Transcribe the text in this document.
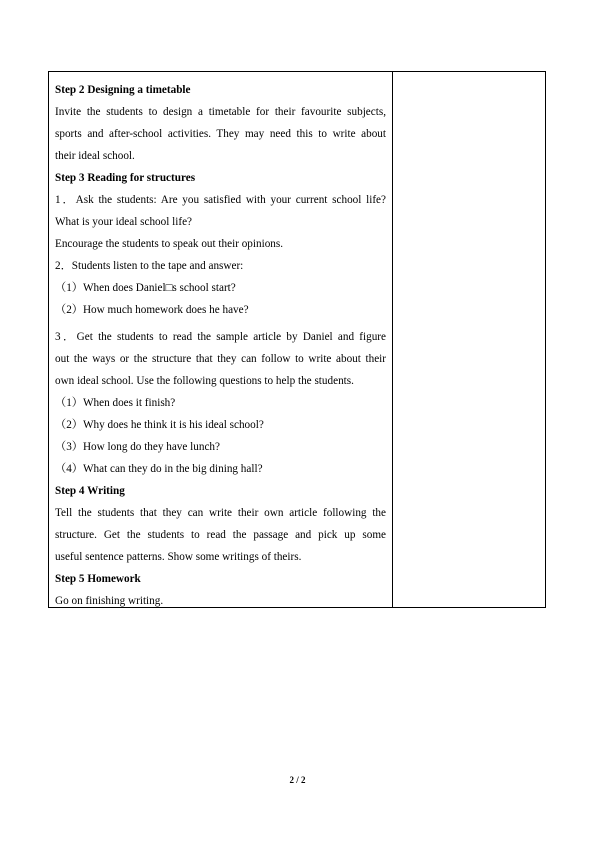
Step 2 Designing a timetable
Invite the students to design a timetable for their favourite subjects,
sports and after-school activities. They may need this to write about
their ideal school.
Step 3 Reading for structures
1．Ask the students: Are you satisfied with your current school life?
What is your ideal school life?
Encourage the students to speak out their opinions.
2．Students listen to the tape and answer:
（1）When does Daniel□s school start?
（2）How much homework does he have?
3．Get the students to read the sample article by Daniel and figure
out the ways or the structure that they can follow to write about their
own ideal school. Use the following questions to help the students.
（1）When does it finish?
（2）Why does he think it is his ideal school?
（3）How long do they have lunch?
（4）What can they do in the big dining hall?
Step 4 Writing
Tell the students that they can write their own article following the
structure. Get the students to read the passage and pick up some
useful sentence patterns. Show some writings of theirs.
Step 5 Homework
Go on finishing writing.
2 / 2
